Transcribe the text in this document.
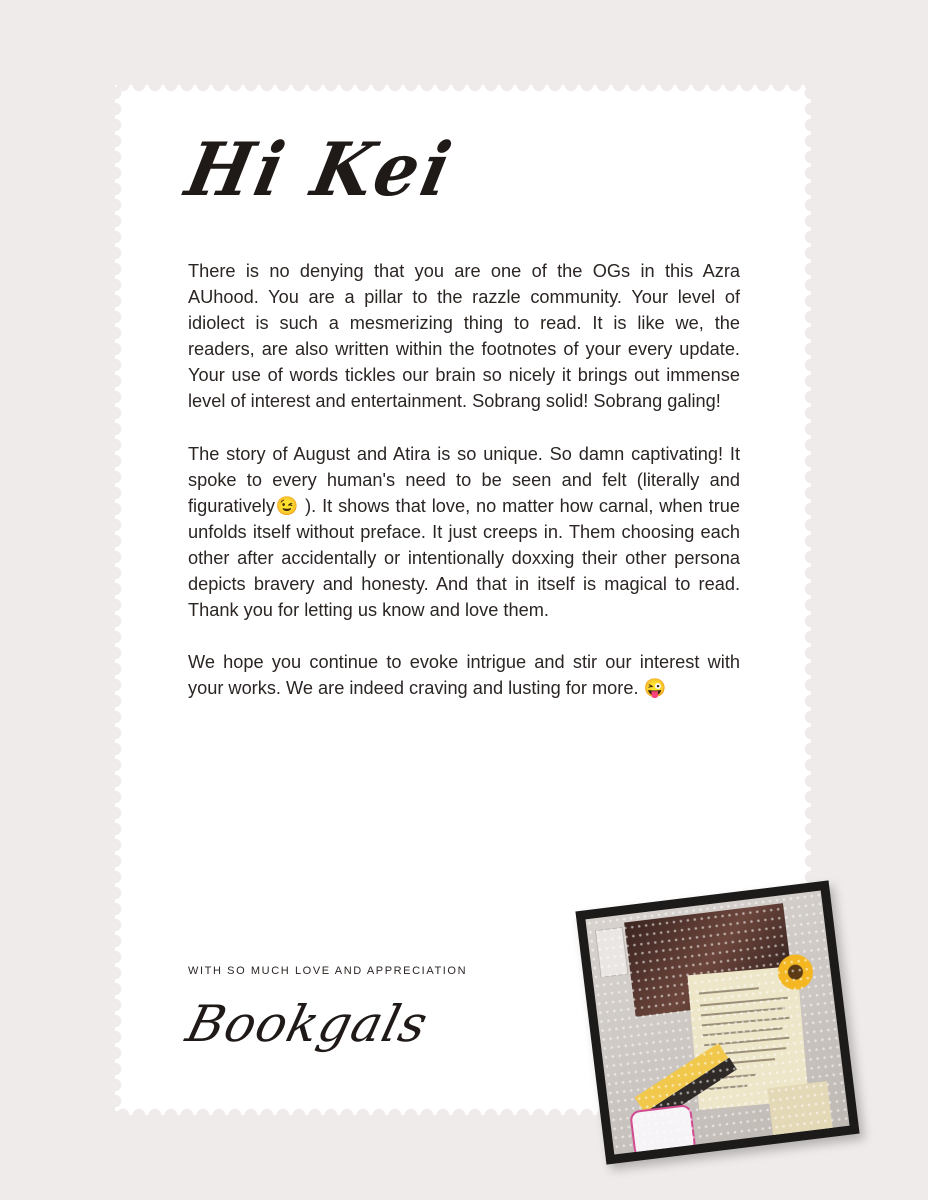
Hi Kei

There is no denying that you are one of the OGs in this Azra AUhood. You are a pillar to the razzle community. Your level of idiolect is such a mesmerizing thing to read. It is like we, the readers, are also written within the footnotes of your every update. Your use of words tickles our brain so nicely it brings out immense level of interest and entertainment. Sobrang solid! Sobrang galing!

The story of August and Atira is so unique. So damn captivating! It spoke to every human's need to be seen and felt (literally and figuratively😉 ). It shows that love, no matter how carnal, when true unfolds itself without preface. It just creeps in. Them choosing each other after accidentally or intentionally doxxing their other persona depicts bravery and honesty. And that in itself is magical to read. Thank you for letting us know and love them.

We hope you continue to evoke intrigue and stir our interest with your works. We are indeed craving and lusting for more. 😜

WITH SO MUCH LOVE AND APPRECIATION
Bookgals
